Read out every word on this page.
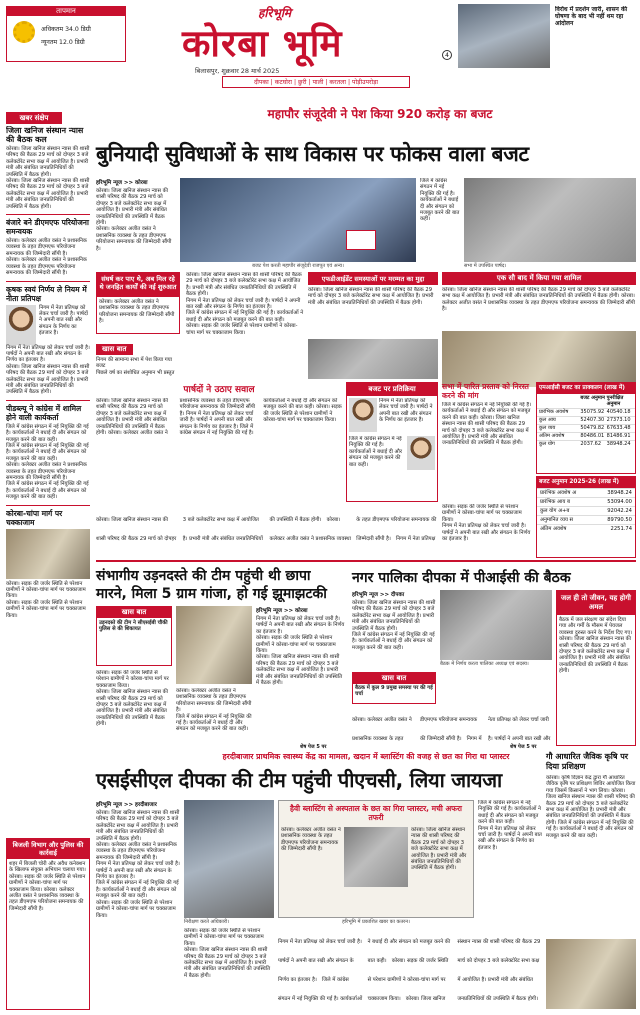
तापमान
अधिकतम 34.0 डिग्री
न्यूनतम 12.0 डिग्री
हरिभूमि
कोरबा भूमि
बिलासपुर, शुक्रवार 28 मार्च 2025
दीपका | कटघोरा | छुरी | पाली | करतला | पोड़ीउपरोड़ा
4
विरोध में प्रदर्शन जारी, शासन की घोषणा के बाद भी नहीं थम रहा आंदोलन
महापौर संजूदेवी ने पेश किया 920 करोड़ का बजट
खबर संक्षेप
जिला खनिज संस्थान न्यास की बैठक कल
कोरबा। जिला खनिज संस्थान न्यास की शासी परिषद की बैठक 29 मार्च को दोपहर 3 बजे कलेक्टोरेट सभा कक्ष में आयोजित है। प्रभारी मंत्री और संबंधित जनप्रतिनिधियों की उपस्थिति में बैठक होगी।
कोरबा। जिला खनिज संस्थान न्यास की शासी परिषद की बैठक 29 मार्च को दोपहर 3 बजे कलेक्टोरेट सभा कक्ष में आयोजित है। प्रभारी मंत्री और संबंधित जनप्रतिनिधियों की उपस्थिति में बैठक होगी।
बंजारे बने डीएमएफ परियोजना समन्वयक
कोरबा। कलेक्टर अजीत वसंत ने प्रशासनिक व्यवस्था के तहत डीएमएफ परियोजना समन्वयक की जिम्मेदारी सौंपी है।
कोरबा। कलेक्टर अजीत वसंत ने प्रशासनिक व्यवस्था के तहत डीएमएफ परियोजना समन्वयक की जिम्मेदारी सौंपी है।
कृषक स्वयं निर्णय ले नियम में नीता प्रतिपक्ष
निगम में नेता प्रतिपक्ष को लेकर चर्चा जारी है। पार्षदों ने अपनी बात रखी और संगठन के निर्णय का इंतजार है।
निगम में नेता प्रतिपक्ष को लेकर चर्चा जारी है। पार्षदों ने अपनी बात रखी और संगठन के निर्णय का इंतजार है।
कोरबा। जिला खनिज संस्थान न्यास की शासी परिषद की बैठक 29 मार्च को दोपहर 3 बजे कलेक्टोरेट सभा कक्ष में आयोजित है। प्रभारी मंत्री और संबंधित जनप्रतिनिधियों की उपस्थिति में बैठक होगी।
पीडब्ल्यू ने कांग्रेस में शामिल होने वाली कार्यकर्ता
जिले में कांग्रेस संगठन में नई नियुक्ति की गई है। कार्यकर्ताओं ने बधाई दी और संगठन को मजबूत करने की बात कही।
जिले में कांग्रेस संगठन में नई नियुक्ति की गई है। कार्यकर्ताओं ने बधाई दी और संगठन को मजबूत करने की बात कही।
कोरबा। कलेक्टर अजीत वसंत ने प्रशासनिक व्यवस्था के तहत डीएमएफ परियोजना समन्वयक की जिम्मेदारी सौंपी है।
जिले में कांग्रेस संगठन में नई नियुक्ति की गई है। कार्यकर्ताओं ने बधाई दी और संगठन को मजबूत करने की बात कही।
कोरबा-चांपा मार्ग पर चक्काजाम
कोरबा। सड़क की जर्जर स्थिति से परेशान ग्रामीणों ने कोरबा-चांपा मार्ग पर चक्काजाम किया।
कोरबा। सड़क की जर्जर स्थिति से परेशान ग्रामीणों ने कोरबा-चांपा मार्ग पर चक्काजाम किया।
बुनियादी सुविधाओं के साथ विकास पर फोकस वाला बजट
हरिभूमि न्यूज >> कोरबा
कोरबा। जिला खनिज संस्थान न्यास की शासी परिषद की बैठक 29 मार्च को दोपहर 3 बजे कलेक्टोरेट सभा कक्ष में आयोजित है। प्रभारी मंत्री और संबंधित जनप्रतिनिधियों की उपस्थिति में बैठक होगी।
कोरबा। कलेक्टर अजीत वसंत ने प्रशासनिक व्यवस्था के तहत डीएमएफ परियोजना समन्वयक की जिम्मेदारी सौंपी है।
जिले में कांग्रेस संगठन में नई नियुक्ति की गई है। कार्यकर्ताओं ने बधाई दी और संगठन को मजबूत करने की बात कही।
बजट पेश करती महापौर संजूदेवी राजपूत एवं अन्य।	सभा में उपस्थित पार्षद।
संघर्ष कर पाए थे, अब मिल रहे थे जनहित कार्यों की नई शुरुआत
कोरबा। कलेक्टर अजीत वसंत ने प्रशासनिक व्यवस्था के तहत डीएमएफ परियोजना समन्वयक की जिम्मेदारी सौंपी है।
खास बात
निगम की सामान्य सभा में पेश किया गया बजट
पिछले वर्ष का संशोधित अनुमान भी प्रस्तुत
कोरबा। जिला खनिज संस्थान न्यास की शासी परिषद की बैठक 29 मार्च को दोपहर 3 बजे कलेक्टोरेट सभा कक्ष में आयोजित है। प्रभारी मंत्री और संबंधित जनप्रतिनिधियों की उपस्थिति में बैठक होगी।
निगम में नेता प्रतिपक्ष को लेकर चर्चा जारी है। पार्षदों ने अपनी बात रखी और संगठन के निर्णय का इंतजार है।
जिले में कांग्रेस संगठन में नई नियुक्ति की गई है। कार्यकर्ताओं ने बधाई दी और संगठन को मजबूत करने की बात कही।
कोरबा। सड़क की जर्जर स्थिति से परेशान ग्रामीणों ने कोरबा-चांपा मार्ग पर चक्काजाम किया।
एफडीआईडेंट समस्याओं पर मरम्मत का मुद्दा
कोरबा। जिला खनिज संस्थान न्यास की शासी परिषद की बैठक 29 मार्च को दोपहर 3 बजे कलेक्टोरेट सभा कक्ष में आयोजित है। प्रभारी मंत्री और संबंधित जनप्रतिनिधियों की उपस्थिति में बैठक होगी।
एक सौ बाद में किया गया शामिल
कोरबा। जिला खनिज संस्थान न्यास की शासी परिषद की बैठक 29 मार्च को दोपहर 3 बजे कलेक्टोरेट सभा कक्ष में आयोजित है। प्रभारी मंत्री और संबंधित जनप्रतिनिधियों की उपस्थिति में बैठक होगी। कोरबा। कलेक्टर अजीत वसंत ने प्रशासनिक व्यवस्था के तहत डीएमएफ परियोजना समन्वयक की जिम्मेदारी सौंपी है।
पार्षदों ने उठाए सवाल
कोरबा। जिला खनिज संस्थान न्यास की शासी परिषद की बैठक 29 मार्च को दोपहर 3 बजे कलेक्टोरेट सभा कक्ष में आयोजित है। प्रभारी मंत्री और संबंधित जनप्रतिनिधियों की उपस्थिति में बैठक होगी। कोरबा। कलेक्टर अजीत वसंत ने प्रशासनिक व्यवस्था के तहत डीएमएफ परियोजना समन्वयक की जिम्मेदारी सौंपी है। निगम में नेता प्रतिपक्ष को लेकर चर्चा जारी है। पार्षदों ने अपनी बात रखी और संगठन के निर्णय का इंतजार है। जिले में कांग्रेस संगठन में नई नियुक्ति की गई है। कार्यकर्ताओं ने बधाई दी और संगठन को मजबूत करने की बात कही। कोरबा। सड़क की जर्जर स्थिति से परेशान ग्रामीणों ने कोरबा-चांपा मार्ग पर चक्काजाम किया।
बजट पर प्रतिक्रिया
निगम में नेता प्रतिपक्ष को लेकर चर्चा जारी है। पार्षदों ने अपनी बात रखी और संगठन के निर्णय का इंतजार है।
जिले में कांग्रेस संगठन में नई नियुक्ति की गई है। कार्यकर्ताओं ने बधाई दी और संगठन को मजबूत करने की बात कही।
सभा में पारित प्रस्ताव को निरस्त करने की मांग
जिले में कांग्रेस संगठन में नई नियुक्ति की गई है। कार्यकर्ताओं ने बधाई दी और संगठन को मजबूत करने की बात कही। कोरबा। जिला खनिज संस्थान न्यास की शासी परिषद की बैठक 29 मार्च को दोपहर 3 बजे कलेक्टोरेट सभा कक्ष में आयोजित है। प्रभारी मंत्री और संबंधित जनप्रतिनिधियों की उपस्थिति में बैठक होगी।
एमआईसी बजट का प्राक्कलन (लाख में)
बजट अनुमान पुनरीक्षित अनुमान
प्रारंभिक अवशेष	35075.92 40540.18
कुल आय	52407.30 27373.10
कुल व्यय	50479.82 67633.48
अंतिम अवशेष	80486.01 81486.91
कुल योग	2037.62	38948.24
बजट अनुमान 2025-26 (लाख में)
प्रारंभिक अवशेष अ	38948.24
प्रारंभिक आय ब	53094.00
कुल योग अ+ब	92042.24
अनुमानित व्यय स	89790.50
अंतिम अवशेष	2251.74
कोरबा। सड़क की जर्जर स्थिति से परेशान ग्रामीणों ने कोरबा-चांपा मार्ग पर चक्काजाम किया।
निगम में नेता प्रतिपक्ष को लेकर चर्चा जारी है। पार्षदों ने अपनी बात रखी और संगठन के निर्णय का इंतजार है।
कोरबा। जिला खनिज संस्थान न्यास की शासी परिषद की बैठक 29 मार्च को दोपहर 3 बजे कलेक्टोरेट सभा कक्ष में आयोजित है। प्रभारी मंत्री और संबंधित जनप्रतिनिधियों की उपस्थिति में बैठक होगी। कोरबा। कलेक्टर अजीत वसंत ने प्रशासनिक व्यवस्था के तहत डीएमएफ परियोजना समन्वयक की जिम्मेदारी सौंपी है। निगम में नेता प्रतिपक्ष
संभागीय उड़नदस्ते की टीम पहुंची थी छापा
मारने, मिला 5 ग्राम गांजा, हो गई झूमाझटकी
खास बात
उड़नदस्ते की टीम ने सीएसईबी चौकी पुलिस से की शिकायत
कोरबा। सड़क की जर्जर स्थिति से परेशान ग्रामीणों ने कोरबा-चांपा मार्ग पर चक्काजाम किया।
कोरबा। जिला खनिज संस्थान न्यास की शासी परिषद की बैठक 29 मार्च को दोपहर 3 बजे कलेक्टोरेट सभा कक्ष में आयोजित है। प्रभारी मंत्री और संबंधित जनप्रतिनिधियों की उपस्थिति में बैठक होगी।
कोरबा। कलेक्टर अजीत वसंत ने प्रशासनिक व्यवस्था के तहत डीएमएफ परियोजना समन्वयक की जिम्मेदारी सौंपी है।
जिले में कांग्रेस संगठन में नई नियुक्ति की गई है। कार्यकर्ताओं ने बधाई दी और संगठन को मजबूत करने की बात कही।
हरिभूमि न्यूज >> कोरबा
निगम में नेता प्रतिपक्ष को लेकर चर्चा जारी है। पार्षदों ने अपनी बात रखी और संगठन के निर्णय का इंतजार है।
कोरबा। सड़क की जर्जर स्थिति से परेशान ग्रामीणों ने कोरबा-चांपा मार्ग पर चक्काजाम किया।
कोरबा। जिला खनिज संस्थान न्यास की शासी परिषद की बैठक 29 मार्च को दोपहर 3 बजे कलेक्टोरेट सभा कक्ष में आयोजित है। प्रभारी मंत्री और संबंधित जनप्रतिनिधियों की उपस्थिति में बैठक होगी।
शेष पेज 5 पर
नगर पालिका दीपका में पीआईसी की बैठक
हरिभूमि न्यूज >> दीपका
कोरबा। जिला खनिज संस्थान न्यास की शासी परिषद की बैठक 29 मार्च को दोपहर 3 बजे कलेक्टोरेट सभा कक्ष में आयोजित है। प्रभारी मंत्री और संबंधित जनप्रतिनिधियों की उपस्थिति में बैठक होगी।
जिले में कांग्रेस संगठन में नई नियुक्ति की गई है। कार्यकर्ताओं ने बधाई दी और संगठन को मजबूत करने की बात कही।
बैठक में निर्णय करता पालिका अध्यक्ष एवं सदस्य।
खास बात
बैठक में कुल 9 प्रमुख समस्या पर की गई चर्चा
कोरबा। कलेक्टर अजीत वसंत ने प्रशासनिक व्यवस्था के तहत डीएमएफ परियोजना समन्वयक की जिम्मेदारी सौंपी है। निगम में नेता प्रतिपक्ष को लेकर चर्चा जारी है। पार्षदों ने अपनी बात रखी और
शेष पेज 5 पर
जल ही तो जीवन, यह होगी अमल
बैठक में जल संरक्षण का संदेश दिया गया और गर्मी के मौसम में पेयजल व्यवस्था दुरुस्त करने के निर्देश दिए गए। कोरबा। जिला खनिज संस्थान न्यास की शासी परिषद की बैठक 29 मार्च को दोपहर 3 बजे कलेक्टोरेट सभा कक्ष में आयोजित है। प्रभारी मंत्री और संबंधित जनप्रतिनिधियों की उपस्थिति में बैठक होगी।
हरदीबाजार प्राथमिक स्वास्थ्य केंद्र का मामला, खदान में ब्लास्टिंग की वजह से छत का गिरा था प्लास्टर
एसईसीएल दीपका की टीम पहुंची पीएचसी, लिया जायजा
हरिभूमि न्यूज >> हरदीबाजार
कोरबा। जिला खनिज संस्थान न्यास की शासी परिषद की बैठक 29 मार्च को दोपहर 3 बजे कलेक्टोरेट सभा कक्ष में आयोजित है। प्रभारी मंत्री और संबंधित जनप्रतिनिधियों की उपस्थिति में बैठक होगी।
कोरबा। कलेक्टर अजीत वसंत ने प्रशासनिक व्यवस्था के तहत डीएमएफ परियोजना समन्वयक की जिम्मेदारी सौंपी है।
निगम में नेता प्रतिपक्ष को लेकर चर्चा जारी है। पार्षदों ने अपनी बात रखी और संगठन के निर्णय का इंतजार है।
जिले में कांग्रेस संगठन में नई नियुक्ति की गई है। कार्यकर्ताओं ने बधाई दी और संगठन को मजबूत करने की बात कही।
कोरबा। सड़क की जर्जर स्थिति से परेशान ग्रामीणों ने कोरबा-चांपा मार्ग पर चक्काजाम किया।
निरीक्षण करते अधिकारी।
कोरबा। सड़क की जर्जर स्थिति से परेशान ग्रामीणों ने कोरबा-चांपा मार्ग पर चक्काजाम किया।
कोरबा। जिला खनिज संस्थान न्यास की शासी परिषद की बैठक 29 मार्च को दोपहर 3 बजे कलेक्टोरेट सभा कक्ष में आयोजित है। प्रभारी मंत्री और संबंधित जनप्रतिनिधियों की उपस्थिति में बैठक होगी।
हैवी ब्लास्टिंग से अस्पताल के छत का गिरा प्लास्टर, मची अफरा तफरी
कोरबा। कलेक्टर अजीत वसंत ने प्रशासनिक व्यवस्था के तहत डीएमएफ परियोजना समन्वयक की जिम्मेदारी सौंपी है।
कोरबा। जिला खनिज संस्थान न्यास की शासी परिषद की बैठक 29 मार्च को दोपहर 3 बजे कलेक्टोरेट सभा कक्ष में आयोजित है। प्रभारी मंत्री और संबंधित जनप्रतिनिधियों की उपस्थिति में बैठक होगी।
हरिभूमि में प्रकाशित खबर का कतरन।
निगम में नेता प्रतिपक्ष को लेकर चर्चा जारी है। पार्षदों ने अपनी बात रखी और संगठन के निर्णय का इंतजार है। जिले में कांग्रेस संगठन में नई नियुक्ति की गई है। कार्यकर्ताओं ने बधाई दी और संगठन को मजबूत करने की बात कही। कोरबा। सड़क की जर्जर स्थिति से परेशान ग्रामीणों ने कोरबा-चांपा मार्ग पर चक्काजाम किया। कोरबा। जिला खनिज संस्थान न्यास की शासी परिषद की बैठक 29 मार्च को दोपहर 3 बजे कलेक्टोरेट सभा कक्ष में आयोजित है। प्रभारी मंत्री और संबंधित जनप्रतिनिधियों की उपस्थिति में बैठक होगी।
जिले में कांग्रेस संगठन में नई नियुक्ति की गई है। कार्यकर्ताओं ने बधाई दी और संगठन को मजबूत करने की बात कही।
निगम में नेता प्रतिपक्ष को लेकर चर्चा जारी है। पार्षदों ने अपनी बात रखी और संगठन के निर्णय का इंतजार है।
गौ आधारित जैविक कृषि पर दिया प्रशिक्षण
कोरबा। कृषि विज्ञान केंद्र द्वारा गौ आधारित जैविक कृषि पर प्रशिक्षण शिविर आयोजित किया गया जिसमें किसानों ने भाग लिया। कोरबा। जिला खनिज संस्थान न्यास की शासी परिषद की बैठक 29 मार्च को दोपहर 3 बजे कलेक्टोरेट सभा कक्ष में आयोजित है। प्रभारी मंत्री और संबंधित जनप्रतिनिधियों की उपस्थिति में बैठक होगी। जिले में कांग्रेस संगठन में नई नियुक्ति की गई है। कार्यकर्ताओं ने बधाई दी और संगठन को मजबूत करने की बात कही।
बिजली विभाग और पुलिस की कार्रवाई
शहर में बिजली चोरी और अवैध कनेक्शन के खिलाफ संयुक्त अभियान चलाया गया। कोरबा। सड़क की जर्जर स्थिति से परेशान ग्रामीणों ने कोरबा-चांपा मार्ग पर चक्काजाम किया। कोरबा। कलेक्टर अजीत वसंत ने प्रशासनिक व्यवस्था के तहत डीएमएफ परियोजना समन्वयक की जिम्मेदारी सौंपी है।
